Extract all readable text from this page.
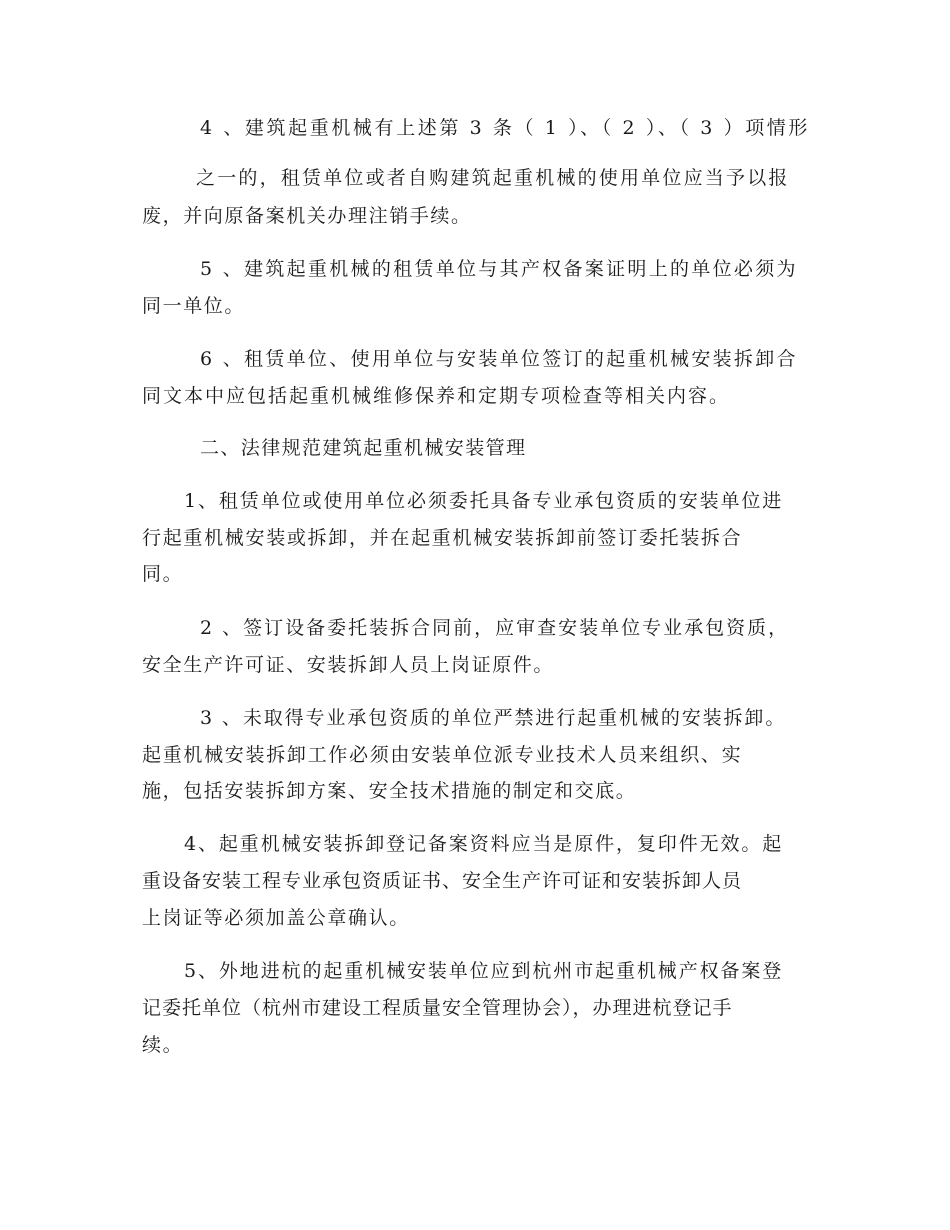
4 、建筑起重机械有上述第 3 条（ 1 ）、（ 2 ）、（ 3 ）项情形
之一的，租赁单位或者自购建筑起重机械的使用单位应当予以报
废，并向原备案机关办理注销手续。
5 、建筑起重机械的租赁单位与其产权备案证明上的单位必须为
同一单位。
6 、租赁单位、使用单位与安装单位签订的起重机械安装拆卸合
同文本中应包括起重机械维修保养和定期专项检查等相关内容。
二、法律规范建筑起重机械安装管理
1、租赁单位或使用单位必须委托具备专业承包资质的安装单位进
行起重机械安装或拆卸，并在起重机械安装拆卸前签订委托装拆合
同。
2 、签订设备委托装拆合同前，应审查安装单位专业承包资质，
安全生产许可证、安装拆卸人员上岗证原件。
3 、未取得专业承包资质的单位严禁进行起重机械的安装拆卸。
起重机械安装拆卸工作必须由安装单位派专业技术人员来组织、实
施，包括安装拆卸方案、安全技术措施的制定和交底。
4、起重机械安装拆卸登记备案资料应当是原件，复印件无效。起
重设备安装工程专业承包资质证书、安全生产许可证和安装拆卸人员
上岗证等必须加盖公章确认。
5、外地进杭的起重机械安装单位应到杭州市起重机械产权备案登
记委托单位（杭州市建设工程质量安全管理协会），办理进杭登记手
续。
